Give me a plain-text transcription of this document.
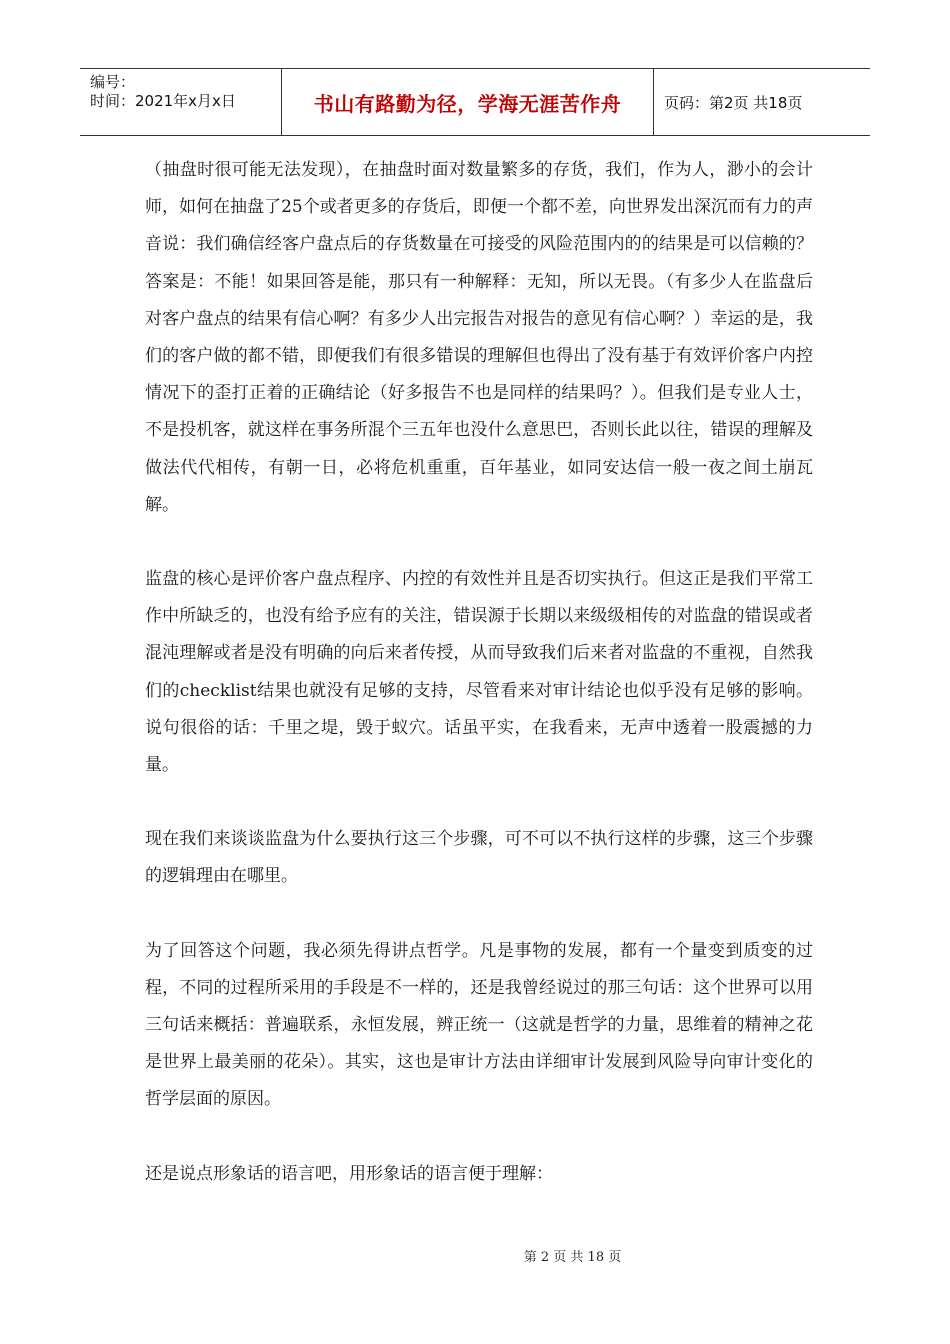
编号：
时间：2021年x月x日	书山有路勤为径，学海无涯苦作舟	页码：第2页 共18页

（抽盘时很可能无法发现），在抽盘时面对数量繁多的存货，我们，作为人，渺小的会计师，如何在抽盘了25个或者更多的存货后，即便一个都不差，向世界发出深沉而有力的声音说：我们确信经客户盘点后的存货数量在可接受的风险范围内的的结果是可以信赖的？答案是：不能！如果回答是能，那只有一种解释：无知，所以无畏。（有多少人在监盘后对客户盘点的结果有信心啊？有多少人出完报告对报告的意见有信心啊？）幸运的是，我们的客户做的都不错，即便我们有很多错误的理解但也得出了没有基于有效评价客户内控情况下的歪打正着的正确结论（好多报告不也是同样的结果吗？）。但我们是专业人士，不是投机客，就这样在事务所混个三五年也没什么意思巴，否则长此以往，错误的理解及做法代代相传，有朝一日，必将危机重重，百年基业，如同安达信一般一夜之间土崩瓦解。

监盘的核心是评价客户盘点程序、内控的有效性并且是否切实执行。但这正是我们平常工作中所缺乏的，也没有给予应有的关注，错误源于长期以来级级相传的对监盘的错误或者混沌理解或者是没有明确的向后来者传授，从而导致我们后来者对监盘的不重视，自然我们的checklist结果也就没有足够的支持，尽管看来对审计结论也似乎没有足够的影响。说句很俗的话：千里之堤，毁于蚁穴。话虽平实，在我看来，无声中透着一股震撼的力量。

现在我们来谈谈监盘为什么要执行这三个步骤，可不可以不执行这样的步骤，这三个步骤的逻辑理由在哪里。

为了回答这个问题，我必须先得讲点哲学。凡是事物的发展，都有一个量变到质变的过程，不同的过程所采用的手段是不一样的，还是我曾经说过的那三句话：这个世界可以用三句话来概括：普遍联系，永恒发展，辨正统一（这就是哲学的力量，思维着的精神之花是世界上最美丽的花朵）。其实，这也是审计方法由详细审计发展到风险导向审计变化的哲学层面的原因。

还是说点形象话的语言吧，用形象话的语言便于理解：

第 2 页 共 18 页
